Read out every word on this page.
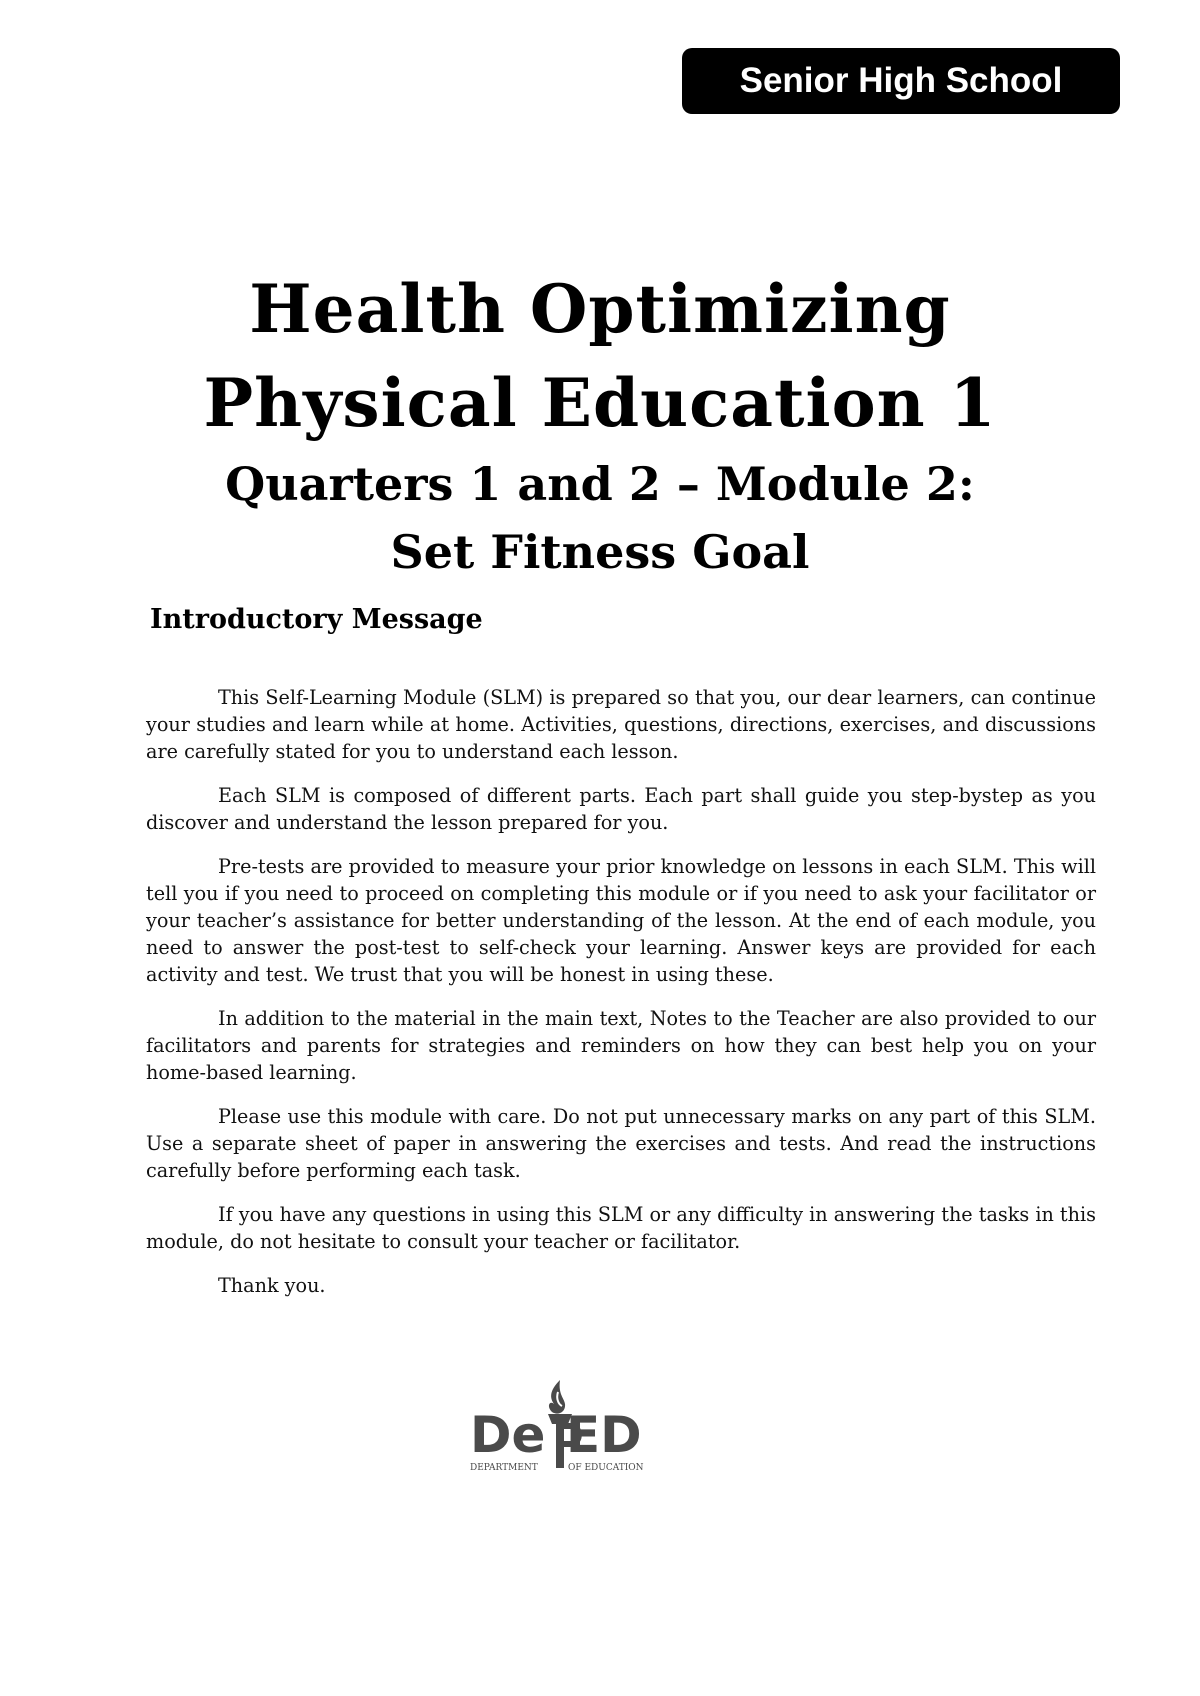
Senior High School
Health Optimizing
Physical Education 1
Quarters 1 and 2 – Module 2:
Set Fitness Goal
Introductory Message

This Self-Learning Module (SLM) is prepared so that you, our dear learners, can continue your studies and learn while at home. Activities, questions, directions, exercises, and discussions are carefully stated for you to understand each lesson.

Each SLM is composed of different parts. Each part shall guide you step-bystep as you discover and understand the lesson prepared for you.

Pre-tests are provided to measure your prior knowledge on lessons in each SLM. This will tell you if you need to proceed on completing this module or if you need to ask your facilitator or your teacher’s assistance for better understanding of the lesson. At the end of each module, you need to answer the post-test to self-check your learning. Answer keys are provided for each activity and test. We trust that you will be honest in using these.

In addition to the material in the main text, Notes to the Teacher are also provided to our facilitators and parents for strategies and reminders on how they can best help you on your home-based learning.

Please use this module with care. Do not put unnecessary marks on any part of this SLM. Use a separate sheet of paper in answering the exercises and tests. And read the instructions carefully before performing each task.

If you have any questions in using this SLM or any difficulty in answering the tasks in this module, do not hesitate to consult your teacher or facilitator.

Thank you.

De ED
DEPARTMENT	OF EDUCATION
